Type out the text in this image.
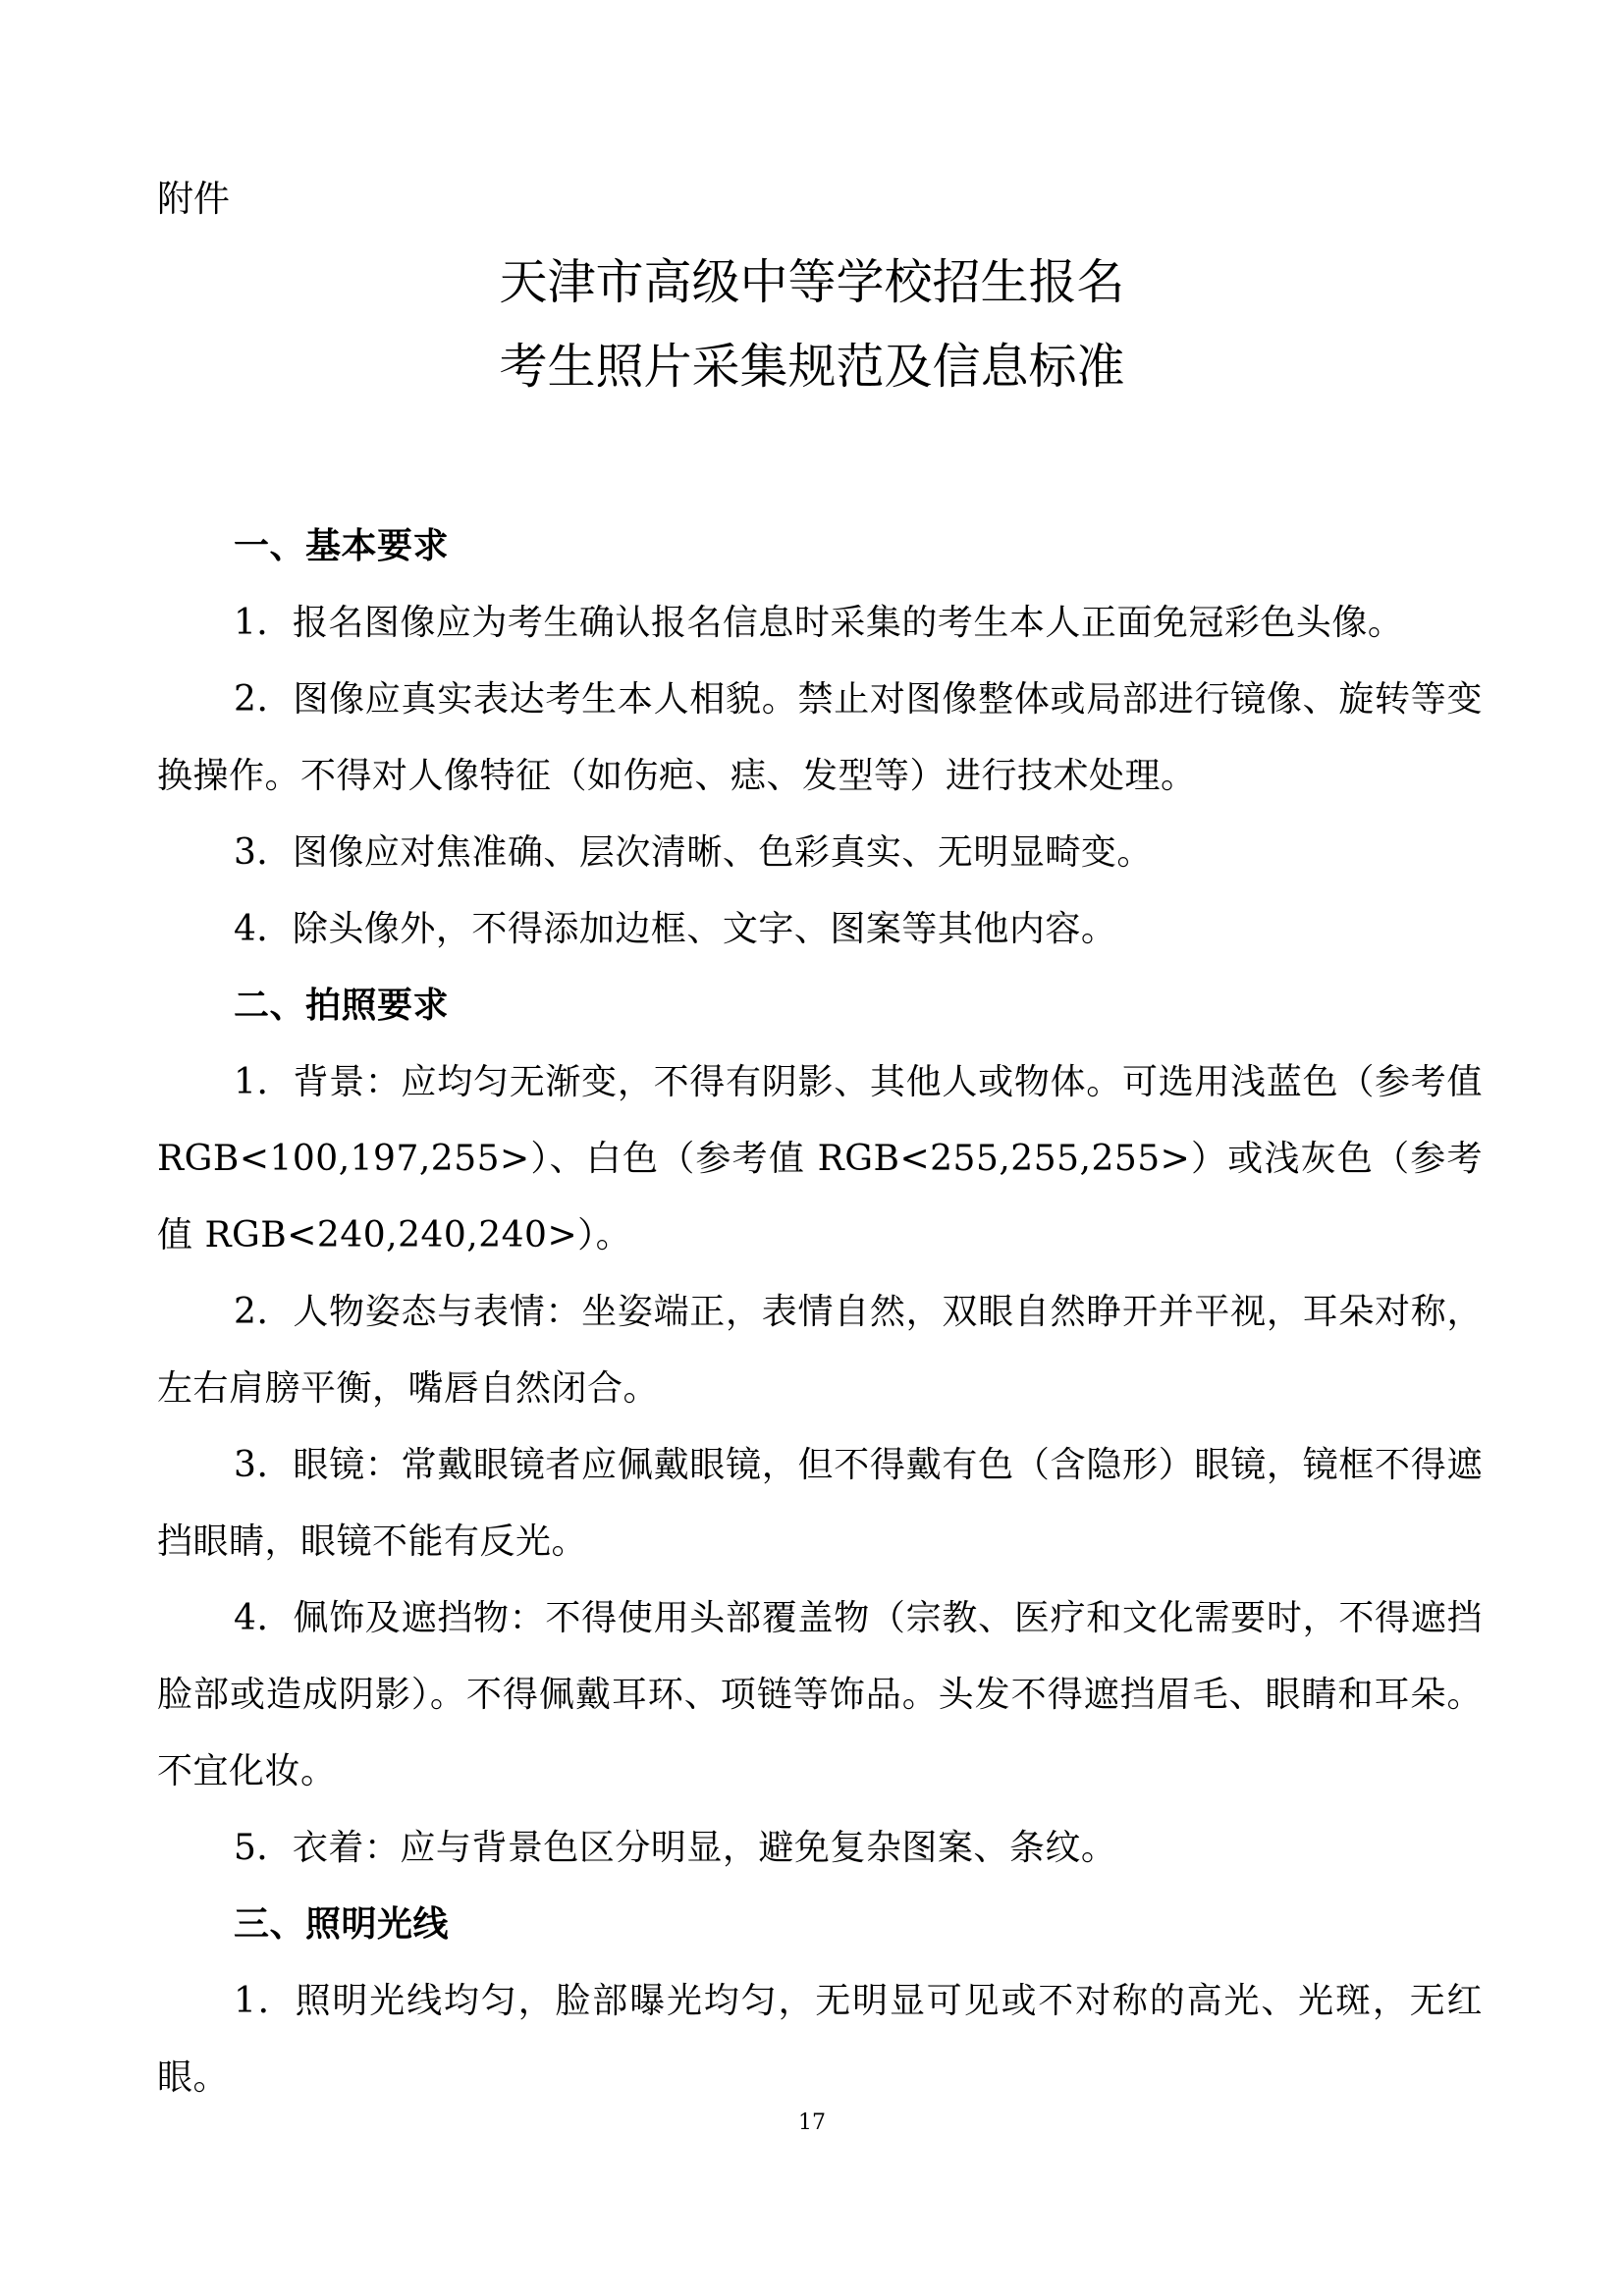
附件

天津市高级中等学校招生报名
考生照片采集规范及信息标准
一、基本要求

1．报名图像应为考生确认报名信息时采集的考生本人正面免冠彩色头像。

2．图像应真实表达考生本人相貌。禁止对图像整体或局部进行镜像、旋转等变换操作。不得对人像特征（如伤疤、痣、发型等）进行技术处理。

3．图像应对焦准确、层次清晰、色彩真实、无明显畸变。

4．除头像外，不得添加边框、文字、图案等其他内容。

二、拍照要求

1．背景：应均匀无渐变，不得有阴影、其他人或物体。可选用浅蓝色（参考值 RGB<100,197,255>）、白色（参考值 RGB<255,255,255>）或浅灰色（参考值 RGB<240,240,240>）。

2．人物姿态与表情：坐姿端正，表情自然，双眼自然睁开并平视，耳朵对称，左右肩膀平衡，嘴唇自然闭合。

3．眼镜：常戴眼镜者应佩戴眼镜，但不得戴有色（含隐形）眼镜，镜框不得遮挡眼睛，眼镜不能有反光。

4．佩饰及遮挡物：不得使用头部覆盖物（宗教、医疗和文化需要时，不得遮挡脸部或造成阴影）。不得佩戴耳环、项链等饰品。头发不得遮挡眉毛、眼睛和耳朵。不宜化妆。

5．衣着：应与背景色区分明显，避免复杂图案、条纹。

三、照明光线

1．照明光线均匀，脸部曝光均匀，无明显可见或不对称的高光、光斑，无红眼。

17
